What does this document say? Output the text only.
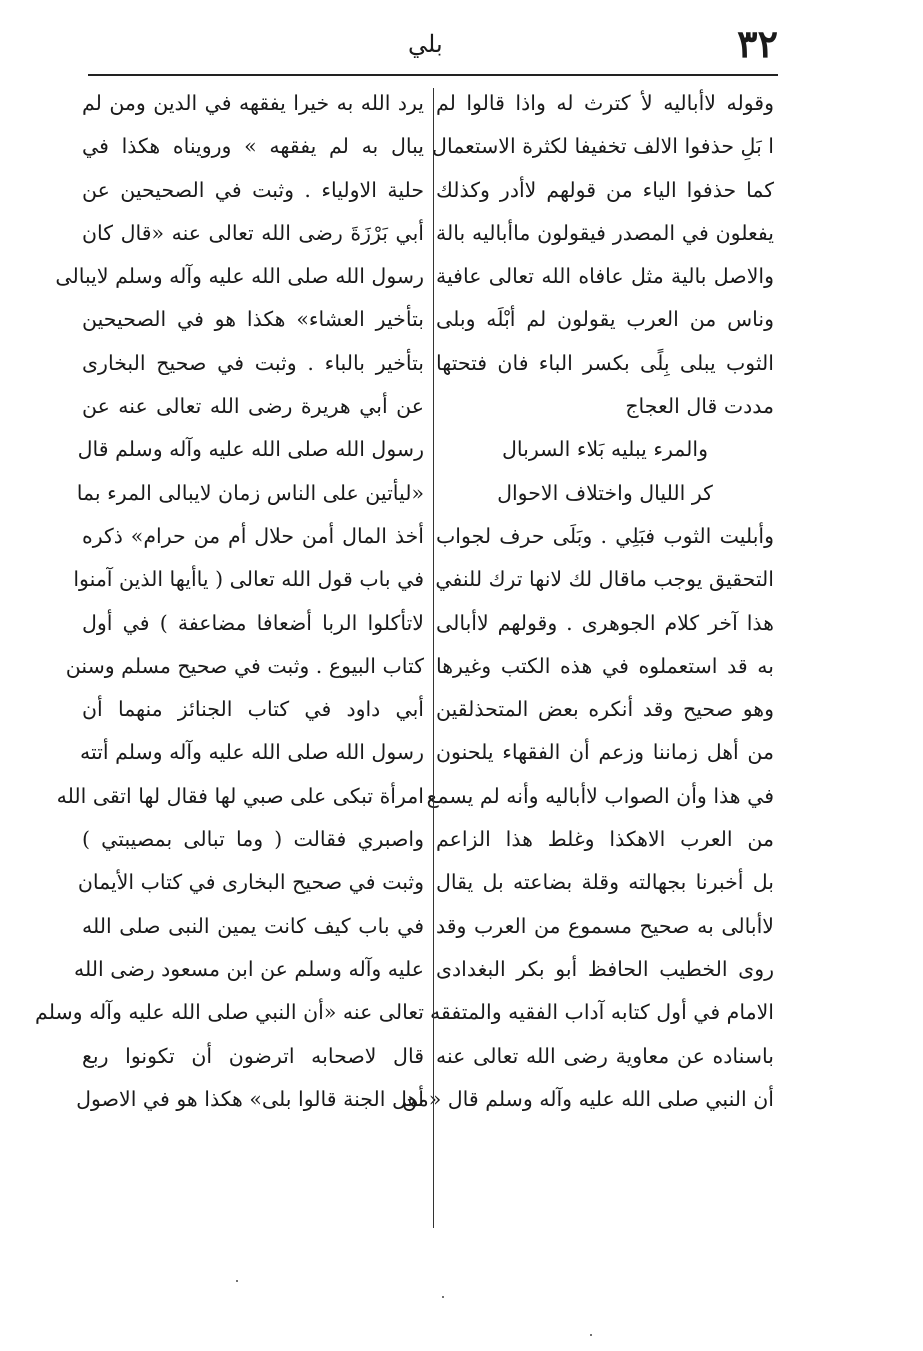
٣٢
بلي
وقوله لاأباليه لأ كترث له واذا قالوا لم
ا بَلِ حذفوا الالف تخفيفا لكثرة الاستعمال
كما حذفوا الياء من قولهم لاأدر وكذلك
يفعلون في المصدر فيقولون ماأباليه بالة
والاصل بالية مثل عافاه الله تعالى عافية
وناس من العرب يقولون لم أبْلَه وبلى
الثوب يبلى بِلًى بكسر الباء فان فتحتها
مددت قال العجاج
والمرء يبليه بَلاء السربال
كر الليال واختلاف الاحوال
وأبليت الثوب فبَلِي . وبَلَى حرف لجواب
التحقيق يوجب ماقال لك لانها ترك للنفي
هذا آخر كلام الجوهرى . وقولهم لاأبالى
به قد استعملوه في هذه الكتب وغيرها
وهو صحيح وقد أنكره بعض المتحذلقين
من أهل زماننا وزعم أن الفقهاء يلحنون
في هذا وأن الصواب لاأباليه وأنه لم يسمع
من العرب الاهكذا وغلط هذا الزاعم
بل أخبرنا بجهالته وقلة بضاعته بل يقال
لاأبالى به صحيح مسموع من العرب وقد
روى الخطيب الحافظ أبو بكر البغدادى
الامام في أول كتابه آداب الفقيه والمتفقه
باسناده عن معاوية رضى الله تعالى عنه
أن النبي صلى الله عليه وآله وسلم قال «من
يرد الله به خيرا يفقهه في الدين ومن لم
يبال به لم يفقهه » ورويناه هكذا في
حلية الاولياء . وثبت في الصحيحين عن
أبي بَرْزَةَ رضى الله تعالى عنه «قال كان
رسول الله صلى الله عليه وآله وسلم لايبالى
بتأخير العشاء» هكذا هو في الصحيحين
بتأخير بالباء . وثبت في صحيح البخارى
عن أبي هريرة رضى الله تعالى عنه عن
رسول الله صلى الله عليه وآله وسلم قال
«ليأتين على الناس زمان لايبالى المرء بما
أخذ المال أمن حلال أم من حرام» ذكره
في باب قول الله تعالى ( ياأيها الذين آمنوا
لاتأكلوا الربا أضعافا مضاعفة ) في أول
كتاب البيوع . وثبت في صحيح مسلم وسنن
أبي داود في كتاب الجنائز منهما أن
رسول الله صلى الله عليه وآله وسلم أتته
امرأة تبكى على صبي لها فقال لها اتقى الله
واصبري فقالت ( وما تبالى بمصيبتي )
وثبت في صحيح البخارى في كتاب الأيمان
في باب كيف كانت يمين النبى صلى الله
عليه وآله وسلم عن ابن مسعود رضى الله
تعالى عنه «أن النبي صلى الله عليه وآله وسلم
قال لاصحابه اترضون أن تكونوا ربع
أهل الجنة قالوا بلى» هكذا هو في الاصول
